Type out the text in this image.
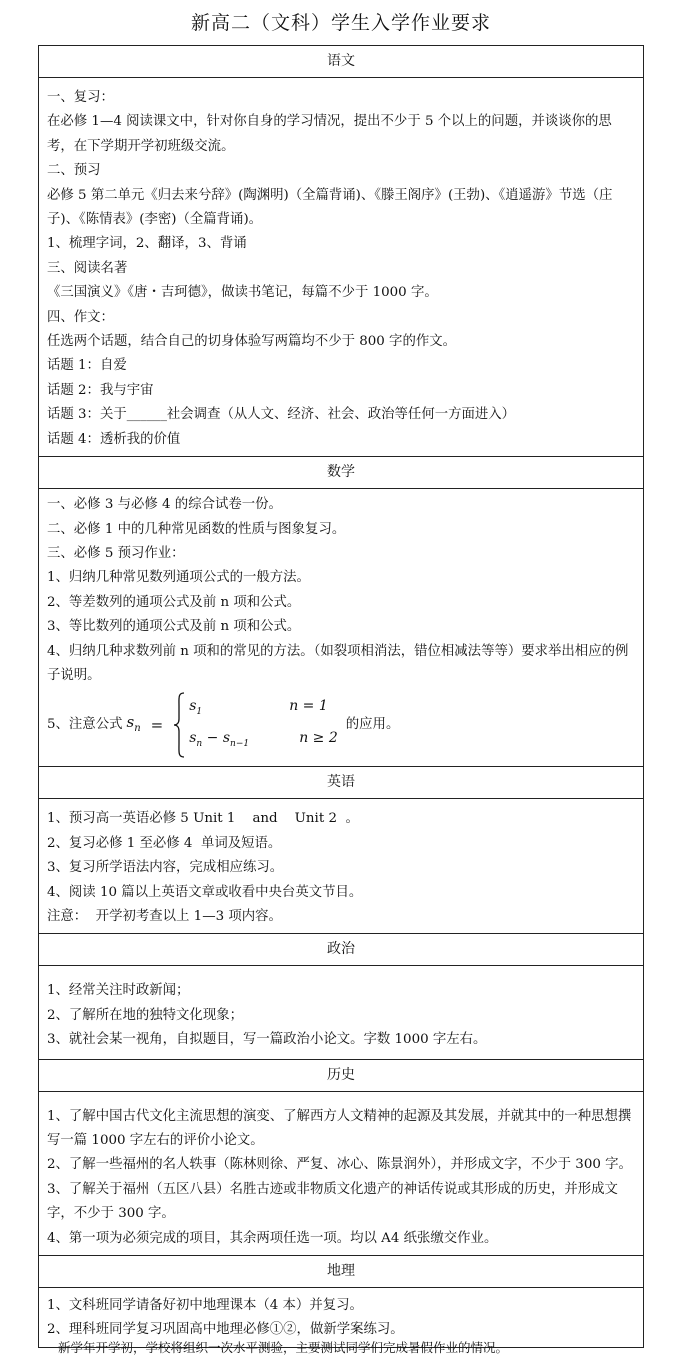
新高二（文科）学生入学作业要求
语文
一、复习：
在必修 1—4 阅读课文中，针对你自身的学习情况，提出不少于 5 个以上的问题，并谈谈你的思考，在下学期开学初班级交流。
二、预习
必修 5 第二单元《归去来兮辞》(陶渊明)（全篇背诵)、《滕王阁序》(王勃)、《逍遥游》节选（庄子)、《陈情表》(李密)（全篇背诵)。
1、梳理字词，2、翻译，3、背诵
三、阅读名著
《三国演义》《唐・吉珂德》，做读书笔记，每篇不少于 1000 字。
四、作文：
任选两个话题，结合自己的切身体验写两篇均不少于 800 字的作文。
话题 1：自爱
话题 2：我与宇宙
话题 3：关于______社会调查（从人文、经济、社会、政治等任何一方面进入）
话题 4：透析我的价值
数学
一、必修 3 与必修 4 的综合试卷一份。
二、必修 1 中的几种常见函数的性质与图象复习。
三、必修 5 预习作业：
1、归纳几种常见数列通项公式的一般方法。
2、等差数列的通项公式及前 n 项和公式。
3、等比数列的通项公式及前 n 项和公式。
4、归纳几种求数列前 n 项和的常见的方法。（如裂项相消法，错位相减法等等）要求举出相应的例子说明。
5、注意公式 $s_n$ =
$s_1$	n = 1
$s_n - s_{n-1}$	n ≥ 2
的应用。
英语
1、预习高一英语必修 5 Unit 1    and    Unit 2  。
2、复习必修 1 至必修 4  单词及短语。
3、复习所学语法内容，完成相应练习。
4、阅读 10 篇以上英语文章或收看中央台英文节目。
注意：  开学初考查以上 1—3 项内容。
政治
1、经常关注时政新闻；
2、了解所在地的独特文化现象；
3、就社会某一视角，自拟题目，写一篇政治小论文。字数 1000 字左右。
历史
1、了解中国古代文化主流思想的演变、了解西方人文精神的起源及其发展，并就其中的一种思想撰写一篇 1000 字左右的评价小论文。
2、了解一些福州的名人轶事（陈林则徐、严复、冰心、陈景润外），并形成文字，不少于 300 字。
3、了解关于福州（五区八县）名胜古迹或非物质文化遗产的神话传说或其形成的历史，并形成文字，不少于 300 字。
4、第一项为必须完成的项目，其余两项任选一项。均以 A4 纸张缴交作业。
地理
1、文科班同学请备好初中地理课本（4 本）并复习。
2、理科班同学复习巩固高中地理必修①②，做新学案练习。
新学年开学初，学校将组织一次水平测验，主要测试同学们完成暑假作业的情况。
